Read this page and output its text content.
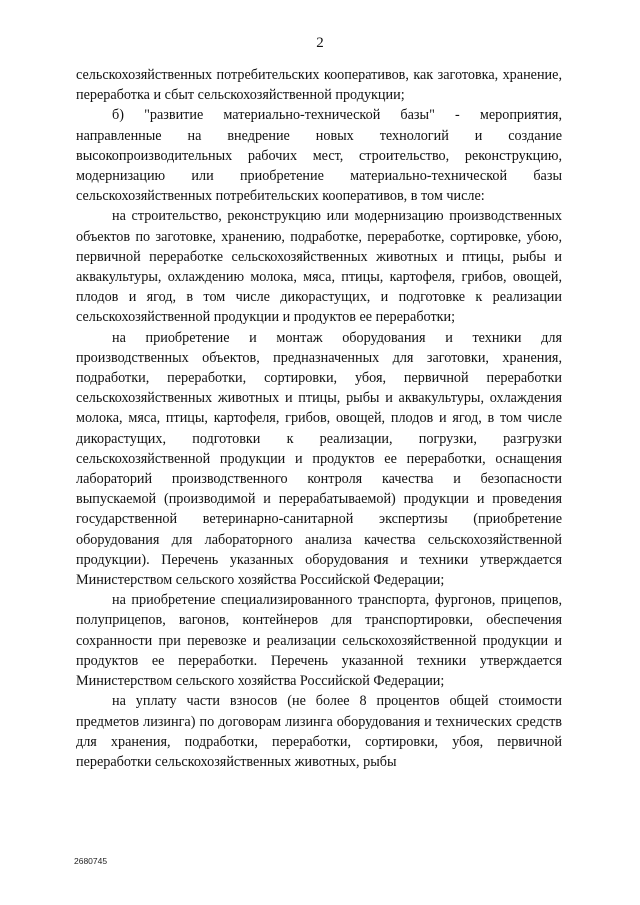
2

сельскохозяйственных потребительских кооперативов, как заготовка, хранение, переработка и сбыт сельскохозяйственной продукции;

б) "развитие материально-технической базы" - мероприятия, направленные на внедрение новых технологий и создание высокопроизводительных рабочих мест, строительство, реконструкцию, модернизацию или приобретение материально-технической базы сельскохозяйственных потребительских кооперативов, в том числе:

на строительство, реконструкцию или модернизацию производственных объектов по заготовке, хранению, подработке, переработке, сортировке, убою, первичной переработке сельскохозяйственных животных и птицы, рыбы и аквакультуры, охлаждению молока, мяса, птицы, картофеля, грибов, овощей, плодов и ягод, в том числе дикорастущих, и подготовке к реализации сельскохозяйственной продукции и продуктов ее переработки;

на приобретение и монтаж оборудования и техники для производственных объектов, предназначенных для заготовки, хранения, подработки, переработки, сортировки, убоя, первичной переработки сельскохозяйственных животных и птицы, рыбы и аквакультуры, охлаждения молока, мяса, птицы, картофеля, грибов, овощей, плодов и ягод, в том числе дикорастущих, подготовки к реализации, погрузки, разгрузки сельскохозяйственной продукции и продуктов ее переработки, оснащения лабораторий производственного контроля качества и безопасности выпускаемой (производимой и перерабатываемой) продукции и проведения государственной ветеринарно-санитарной экспертизы (приобретение оборудования для лабораторного анализа качества сельскохозяйственной продукции). Перечень указанных оборудования и техники утверждается Министерством сельского хозяйства Российской Федерации;

на приобретение специализированного транспорта, фургонов, прицепов, полуприцепов, вагонов, контейнеров для транспортировки, обеспечения сохранности при перевозке и реализации сельскохозяйственной продукции и продуктов ее переработки. Перечень указанной техники утверждается Министерством сельского хозяйства Российской Федерации;

на уплату части взносов (не более 8 процентов общей стоимости предметов лизинга) по договорам лизинга оборудования и технических средств для хранения, подработки, переработки, сортировки, убоя, первичной переработки сельскохозяйственных животных, рыбы

2680745
